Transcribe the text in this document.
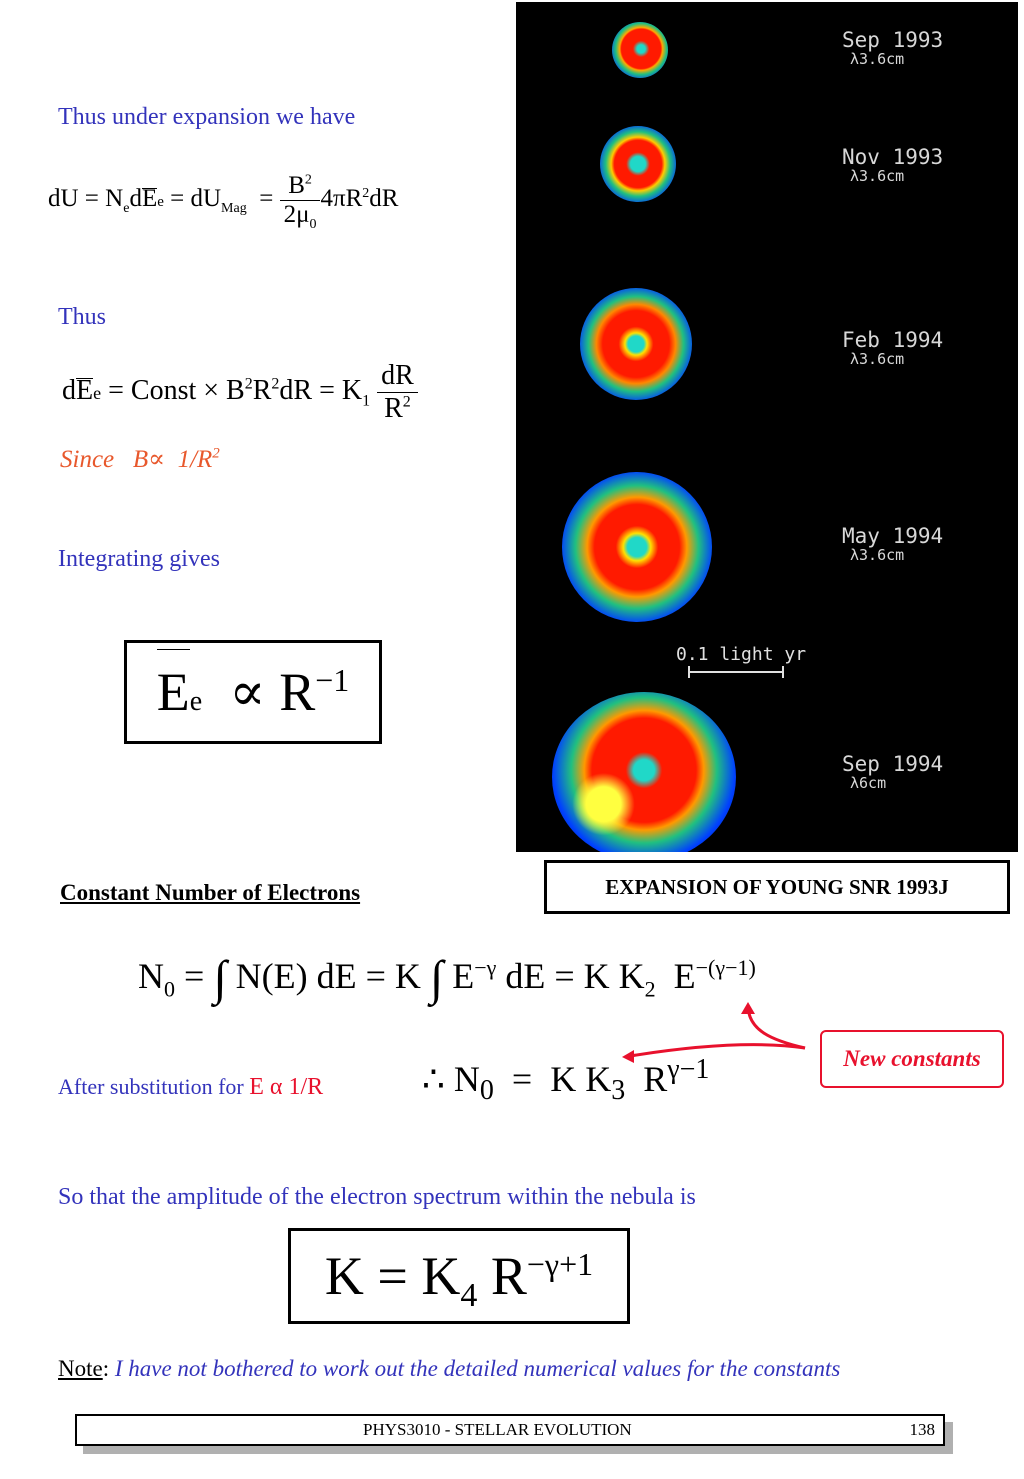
Thus under expansion we have
dU = $N_edEe = dU_{Mag} = \frac{B^2}{2\mu_0} 4\pi R^2dR$
Thus
dEe = Const × $B^2R^2dR = K_1 \frac{dR}{R^2}$
Since   $B\propto 1/R^2$
Integrating gives
$Ee \propto R^{-1}$
Sep 1993
λ3.6cm
Nov 1993
λ3.6cm
Feb 1994
λ3.6cm
May 1994
λ3.6cm
Sep 1994
λ6cm
0.1 light yr
EXPANSION OF YOUNG SNR 1993J
Constant Number of Electrons
$N_0$ = ∫ N(E) dE = K ∫ $E^{-\gamma}$ dE = K $K_2$  $E^{-(\gamma-1)}$
New constants
After substitution for E α 1/R	∴ $N_0 = K$ $K_3$  $R^{\gamma-1}$
So that the amplitude of the electron spectrum within the nebula is
$K = K_4$ $R^{-\gamma+1}$
Note: I have not bothered to work out the detailed numerical values for the constants
PHYS3010 - STELLAR EVOLUTION	138
